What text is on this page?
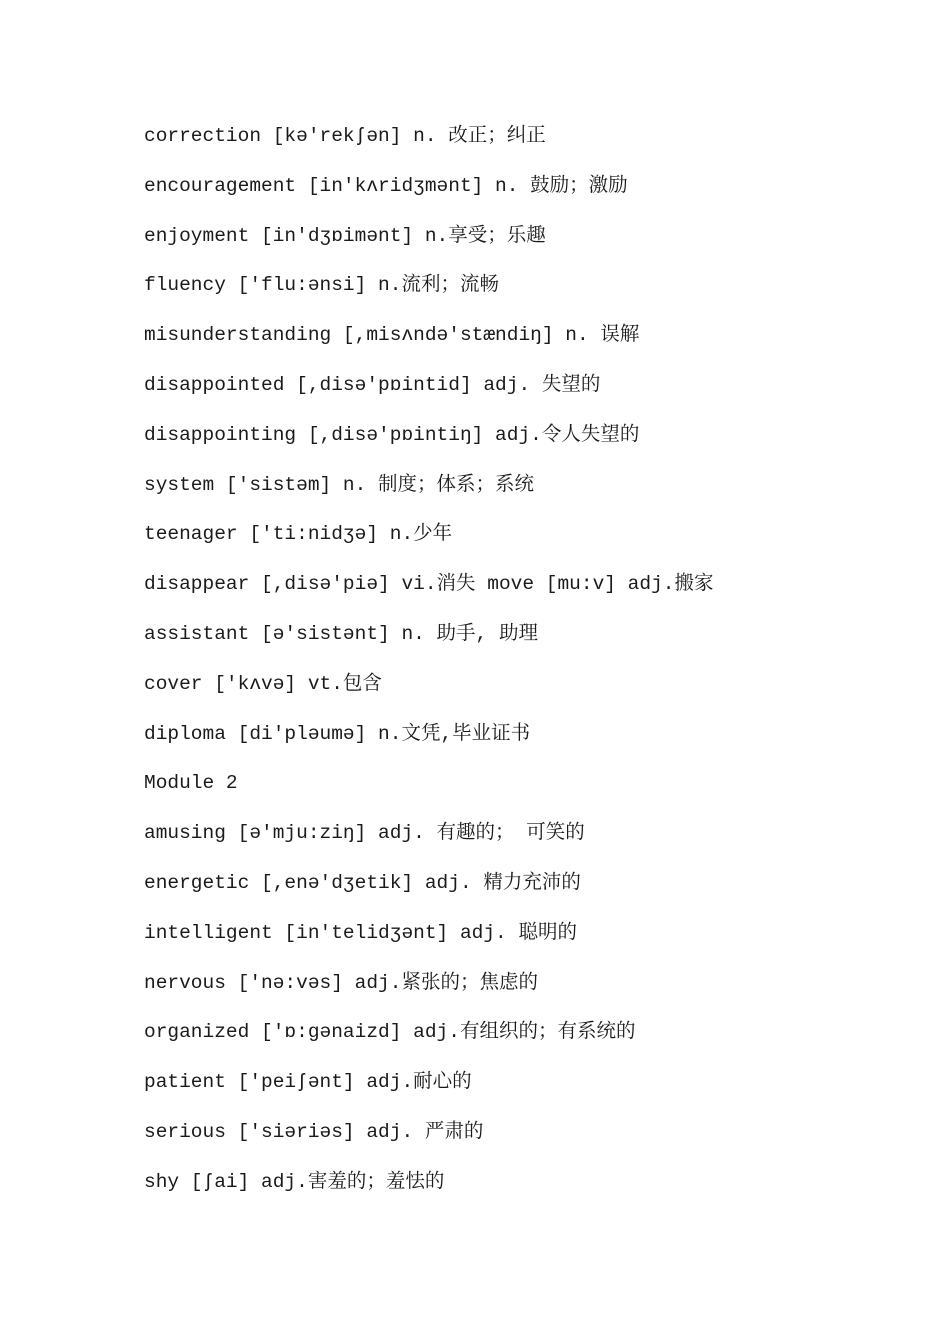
correction [kə'rekʃən] n. 改正；纠正
encouragement [in'kʌridʒmənt] n. 鼓励；激励
enjoyment [in'dʒɒimənt] n.享受；乐趣
fluency ['flu:ənsi] n.流利；流畅
misunderstanding [,misʌndə'stændiŋ] n. 误解
disappointed [,disə'pɒintid] adj. 失望的
disappointing [,disə'pɒintiŋ] adj.令人失望的
system ['sistəm] n. 制度；体系；系统
teenager ['ti:nidʒə] n.少年
disappear [,disə'piə] vi.消失 move [mu:v] adj.搬家
assistant [ə'sistənt] n. 助手, 助理
cover ['kʌvə] vt.包含
diploma [di'pləumə] n.文凭,毕业证书
Module 2
amusing [ə'mju:ziŋ] adj. 有趣的； 可笑的
energetic [,enə'dʒetik] adj. 精力充沛的
intelligent [in'telidʒənt] adj. 聪明的
nervous ['nə:vəs] adj.紧张的；焦虑的
organized ['ɒ:gənaizd] adj.有组织的；有系统的
patient ['peiʃənt] adj.耐心的
serious ['siəriəs] adj. 严肃的
shy [ʃai] adj.害羞的；羞怯的
